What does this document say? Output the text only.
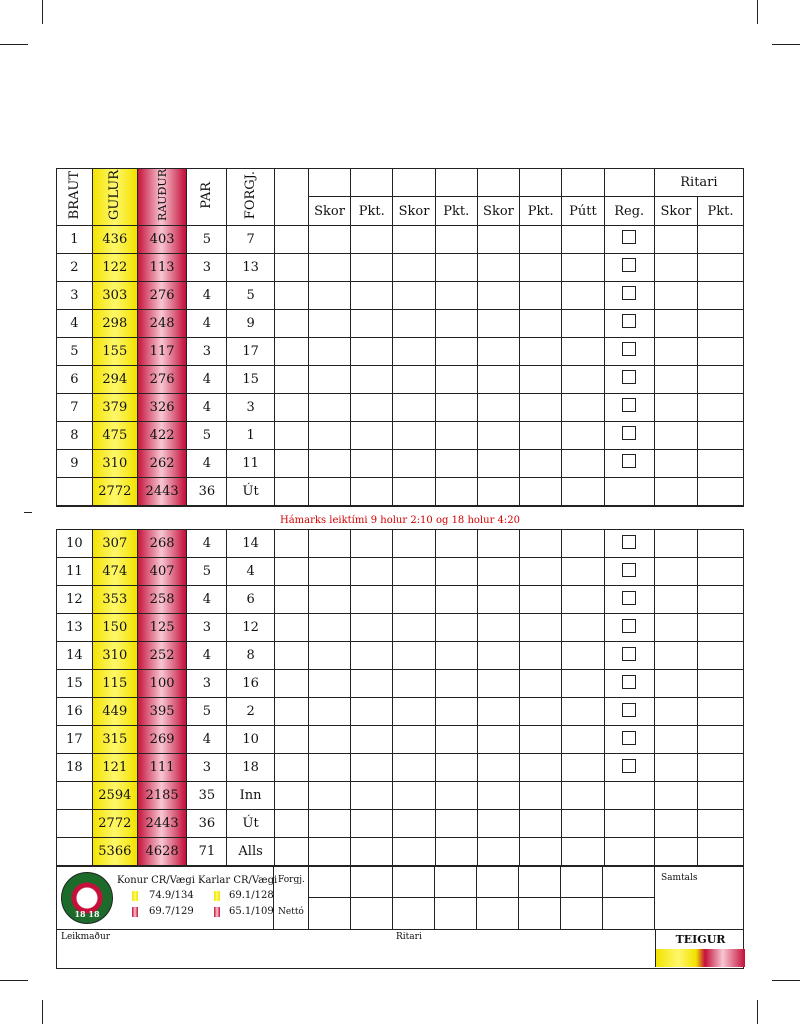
BRAUT	GULUR	RAUÐUR	PAR	FORGJ.										Ritari	
						Skor	Pkt.	Skor	Pkt.	Skor	Pkt.	Pútt	Reg.	Skor	Pkt.
1	436	403	5	7											
2	122	113	3	13											
3	303	276	4	5											
4	298	248	4	9											
5	155	117	3	17											
6	294	276	4	15											
7	379	326	4	3											
8	475	422	5	1											
9	310	262	4	11											
	2772	2443	36	Út											
Hámarks leiktími 9 holur 2:10 og 18 holur 4:20
10	307	268	4	14											
11	474	407	5	4											
12	353	258	4	6											
13	150	125	3	12											
14	310	252	4	8											
15	115	100	3	16											
16	449	395	5	2											
17	315	269	4	10											
18	121	111	3	18											
	2594	2185	35	Inn											
	2772	2443	36	Út											
	5366	4628	71	Alls											
18 18
Konur CR/Vægi Karlar CR/Vægi
74.9/134
69.7/129
69.1/128
65.1/109
Forgj.
Nettó
Samtals
Leikmaður	Ritari	TEIGUR
